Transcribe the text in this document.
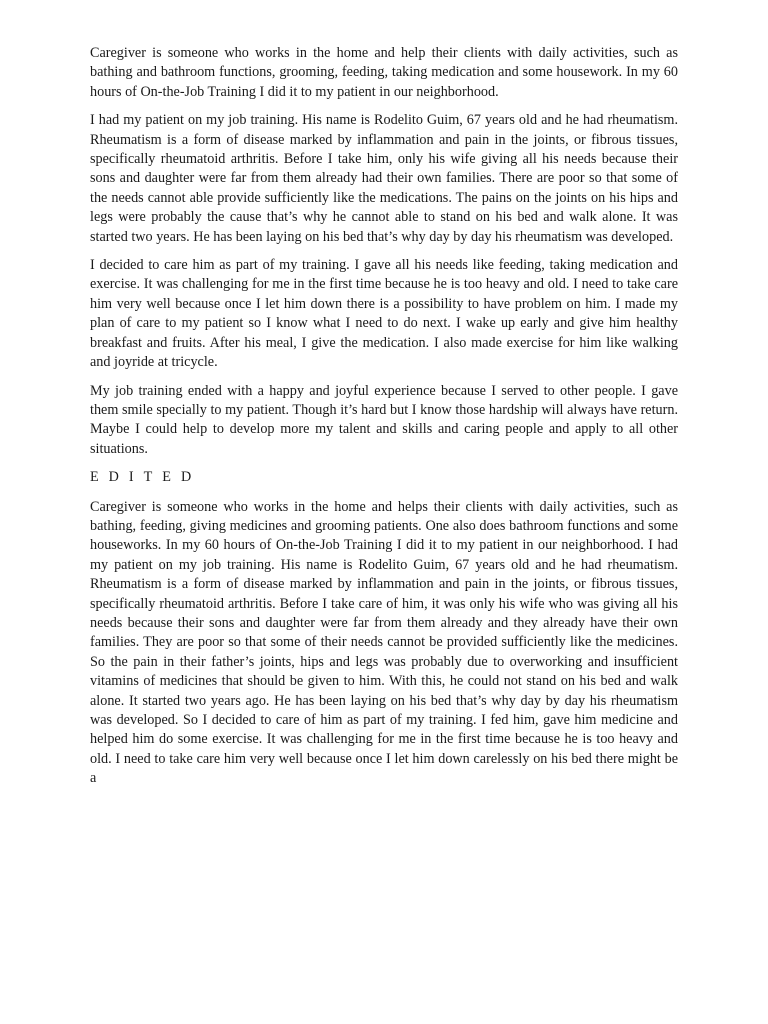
Caregiver is someone who works in the home and help their clients with daily activities, such as bathing and bathroom functions, grooming, feeding, taking medication and some housework. In my 60 hours of On-the-Job Training I did it to my patient in our neighborhood.

I had my patient on my job training. His name is Rodelito Guim, 67 years old and he had rheumatism. Rheumatism is a form of disease marked by inflammation and pain in the joints, or fibrous tissues, specifically rheumatoid arthritis. Before I take him, only his wife giving all his needs because their sons and daughter were far from them already had their own families. There are poor so that some of the needs cannot able provide sufficiently like the medications. The pains on the joints on his hips and legs were probably the cause that’s why he cannot able to stand on his bed and walk alone. It was started two years. He has been laying on his bed that’s why day by day his rheumatism was developed.

I decided to care him as part of my training. I gave all his needs like feeding, taking medication and exercise. It was challenging for me in the first time because he is too heavy and old. I need to take care him very well because once I let him down there is a possibility to have problem on him. I made my plan of care to my patient so I know what I need to do next. I wake up early and give him healthy breakfast and fruits. After his meal, I give the medication. I also made exercise for him like walking and joyride at tricycle.

My job training ended with a happy and joyful experience because I served to other people. I gave them smile specially to my patient. Though it’s hard but I know those hardship will always have return. Maybe I could help to develop more my talent and skills and caring people and apply to all other situations.

EDITED

Caregiver is someone who works in the home and helps their clients with daily activities, such as bathing, feeding, giving medicines and grooming patients. One also does bathroom functions and some houseworks. In my 60 hours of On-the-Job Training I did it to my patient in our neighborhood. I had my patient on my job training. His name is Rodelito Guim, 67 years old and he had rheumatism. Rheumatism is a form of disease marked by inflammation and pain in the joints, or fibrous tissues, specifically rheumatoid arthritis. Before I take care of him, it was only his wife who was giving all his needs because their sons and daughter were far from them already and they already have their own families. They are poor so that some of their needs cannot be provided sufficiently like the medicines. So the pain in their father’s joints, hips and legs was probably due to overworking and insufficient vitamins of medicines that should be given to him. With this, he could not stand on his bed and walk alone. It started two years ago. He has been laying on his bed that’s why day by day his rheumatism was developed. So I decided to care of him as part of my training. I fed him, gave him medicine and helped him do some exercise. It was challenging for me in the first time because he is too heavy and old. I need to take care him very well because once I let him down carelessly on his bed there might be a
